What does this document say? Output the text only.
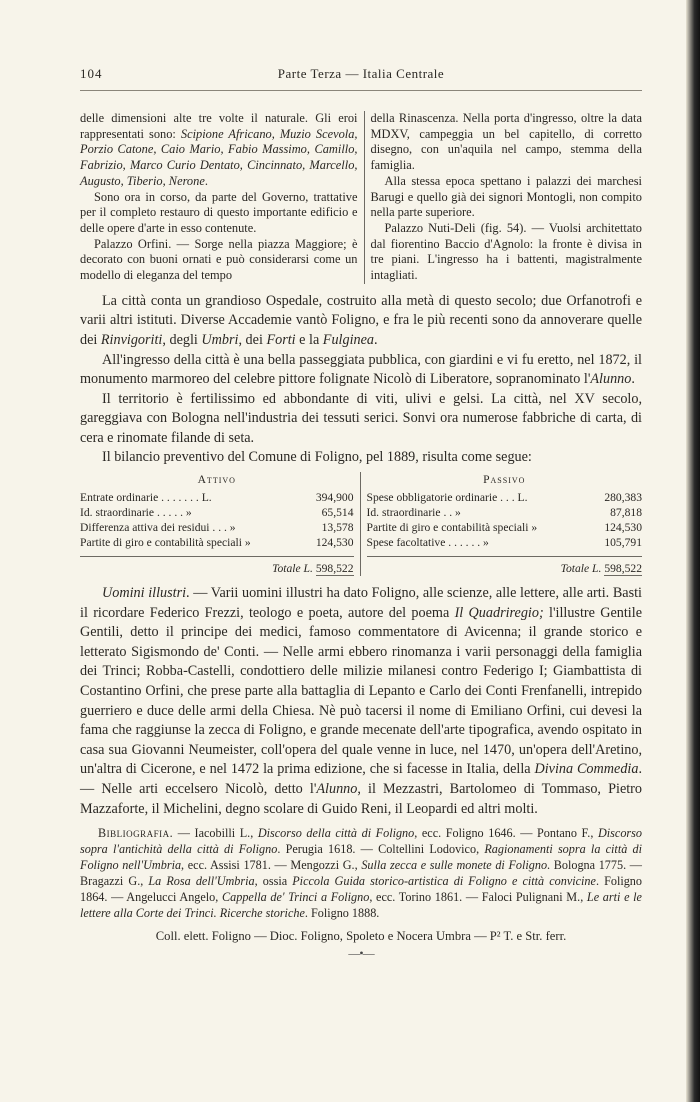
104	Parte Terza — Italia Centrale

delle dimensioni alte tre volte il naturale. Gli eroi rappresentati sono: Scipione Africano, Muzio Scevola, Porzio Catone, Caio Mario, Fabio Massimo, Camillo, Fabrizio, Marco Curio Dentato, Cincinnato, Marcello, Augusto, Tiberio, Nerone.

Sono ora in corso, da parte del Governo, trattative per il completo restauro di questo importante edificio e delle opere d'arte in esso contenute.

Palazzo Orfini. — Sorge nella piazza Maggiore; è decorato con buoni ornati e può considerarsi come un modello di eleganza del tempo

della Rinascenza. Nella porta d'ingresso, oltre la data MDXV, campeggia un bel capitello, di corretto disegno, con un'aquila nel campo, stemma della famiglia.

Alla stessa epoca spettano i palazzi dei marchesi Barugi e quello già dei signori Montogli, non compito nella parte superiore.

Palazzo Nuti-Deli (fig. 54). — Vuolsi architettato dal fiorentino Baccio d'Agnolo: la fronte è divisa in tre piani. L'ingresso ha i battenti, magistralmente intagliati.

La città conta un grandioso Ospedale, costruito alla metà di questo secolo; due Orfanotrofi e varii altri istituti. Diverse Accademie vantò Foligno, e fra le più recenti sono da annoverare quelle dei Rinvigoriti, degli Umbri, dei Forti e la Fulginea.

All'ingresso della città è una bella passeggiata pubblica, con giardini e vi fu eretto, nel 1872, il monumento marmoreo del celebre pittore folignate Nicolò di Liberatore, sopranominato l'Alunno.

Il territorio è fertilissimo ed abbondante di viti, ulivi e gelsi. La città, nel XV secolo, gareggiava con Bologna nell'industria dei tessuti serici. Sonvi ora numerose fabbriche di carta, di cera e rinomate filande di seta.

Il bilancio preventivo del Comune di Foligno, pel 1889, risulta come segue:

Attivo
Entrate ordinarie . . . . . . . L.	394,900
Id. straordinarie . . . . . »	65,514
Differenza attiva dei residui . . . »	13,578
Partite di giro e contabilità speciali »	124,530
Totale L. 598,522
Passivo
Spese obbligatorie ordinarie . . . L.	280,383
Id. straordinarie . . »	87,818
Partite di giro e contabilità speciali »	124,530
Spese facoltative . . . . . . »	105,791
Totale L. 598,522

Uomini illustri. — Varii uomini illustri ha dato Foligno, alle scienze, alle lettere, alle arti. Basti il ricordare Federico Frezzi, teologo e poeta, autore del poema Il Quadriregio; l'illustre Gentile Gentili, detto il principe dei medici, famoso commentatore di Avicenna; il grande storico e letterato Sigismondo de' Conti. — Nelle armi ebbero rinomanza i varii personaggi della famiglia dei Trinci; Robba-Castelli, condottiero delle milizie milanesi contro Federigo I; Giambattista di Costantino Orfini, che prese parte alla battaglia di Lepanto e Carlo dei Conti Frenfanelli, intrepido guerriero e duce delle armi della Chiesa. Nè può tacersi il nome di Emiliano Orfini, cui devesi la fama che raggiunse la zecca di Foligno, e grande mecenate dell'arte tipografica, avendo ospitato in casa sua Giovanni Neumeister, coll'opera del quale venne in luce, nel 1470, un'opera dell'Aretino, un'altra di Cicerone, e nel 1472 la prima edizione, che si facesse in Italia, della Divina Commedia. — Nelle arti eccelsero Nicolò, detto l'Alunno, il Mezzastri, Bartolomeo di Tommaso, Pietro Mazzaforte, il Michelini, degno scolare di Guido Reni, il Leopardi ed altri molti.

Bibliografia. — Iacobilli L., Discorso della città di Foligno, ecc. Foligno 1646. — Pontano F., Discorso sopra l'antichità della città di Foligno. Perugia 1618. — Coltellini Lodovico, Ragionamenti sopra la città di Foligno nell'Umbria, ecc. Assisi 1781. — Mengozzi G., Sulla zecca e sulle monete di Foligno. Bologna 1775. — Bragazzi G., La Rosa dell'Umbria, ossia Piccola Guida storico-artistica di Foligno e città convicine. Foligno 1864. — Angelucci Angelo, Cappella de' Trinci a Foligno, ecc. Torino 1861. — Faloci Pulignani M., Le arti e le lettere alla Corte dei Trinci. Ricerche storiche. Foligno 1888.
Coll. elett. Foligno — Dioc. Foligno, Spoleto e Nocera Umbra — P² T. e Str. ferr.
—•—
